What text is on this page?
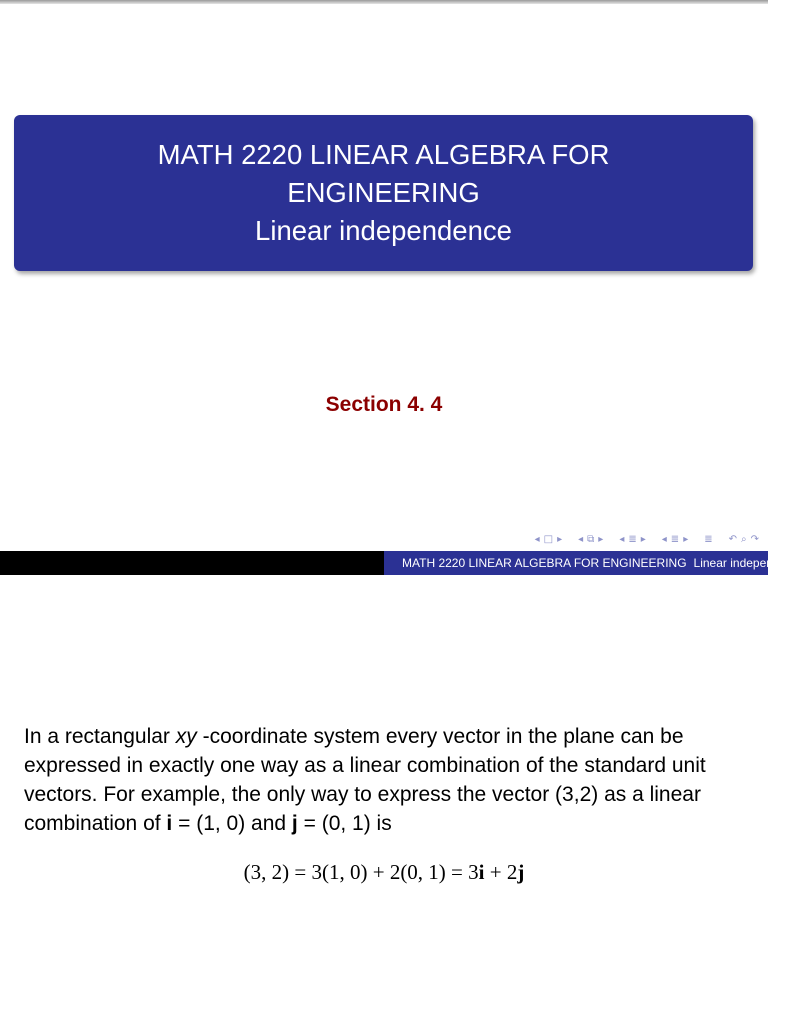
MATH 2220 LINEAR ALGEBRA FOR
ENGINEERING
Linear independence
Section 4. 4
◂ □ ▸ ◂ ⧉ ▸ ◂ ≣ ▸ ◂ ≣ ▸ ≣ ↶ ⌕ ↷
MATH 2220 LINEAR ALGEBRA FOR ENGINEERING Linear independence

In a rectangular xy -coordinate system every vector in the plane can be expressed in exactly one way as a linear combination of the standard unit vectors. For example, the only way to express the vector (3,2) as a linear combination of i = (1, 0) and j = (0, 1) is

(3, 2) = 3(1, 0) + 2(0, 1) = 3i + 2j
